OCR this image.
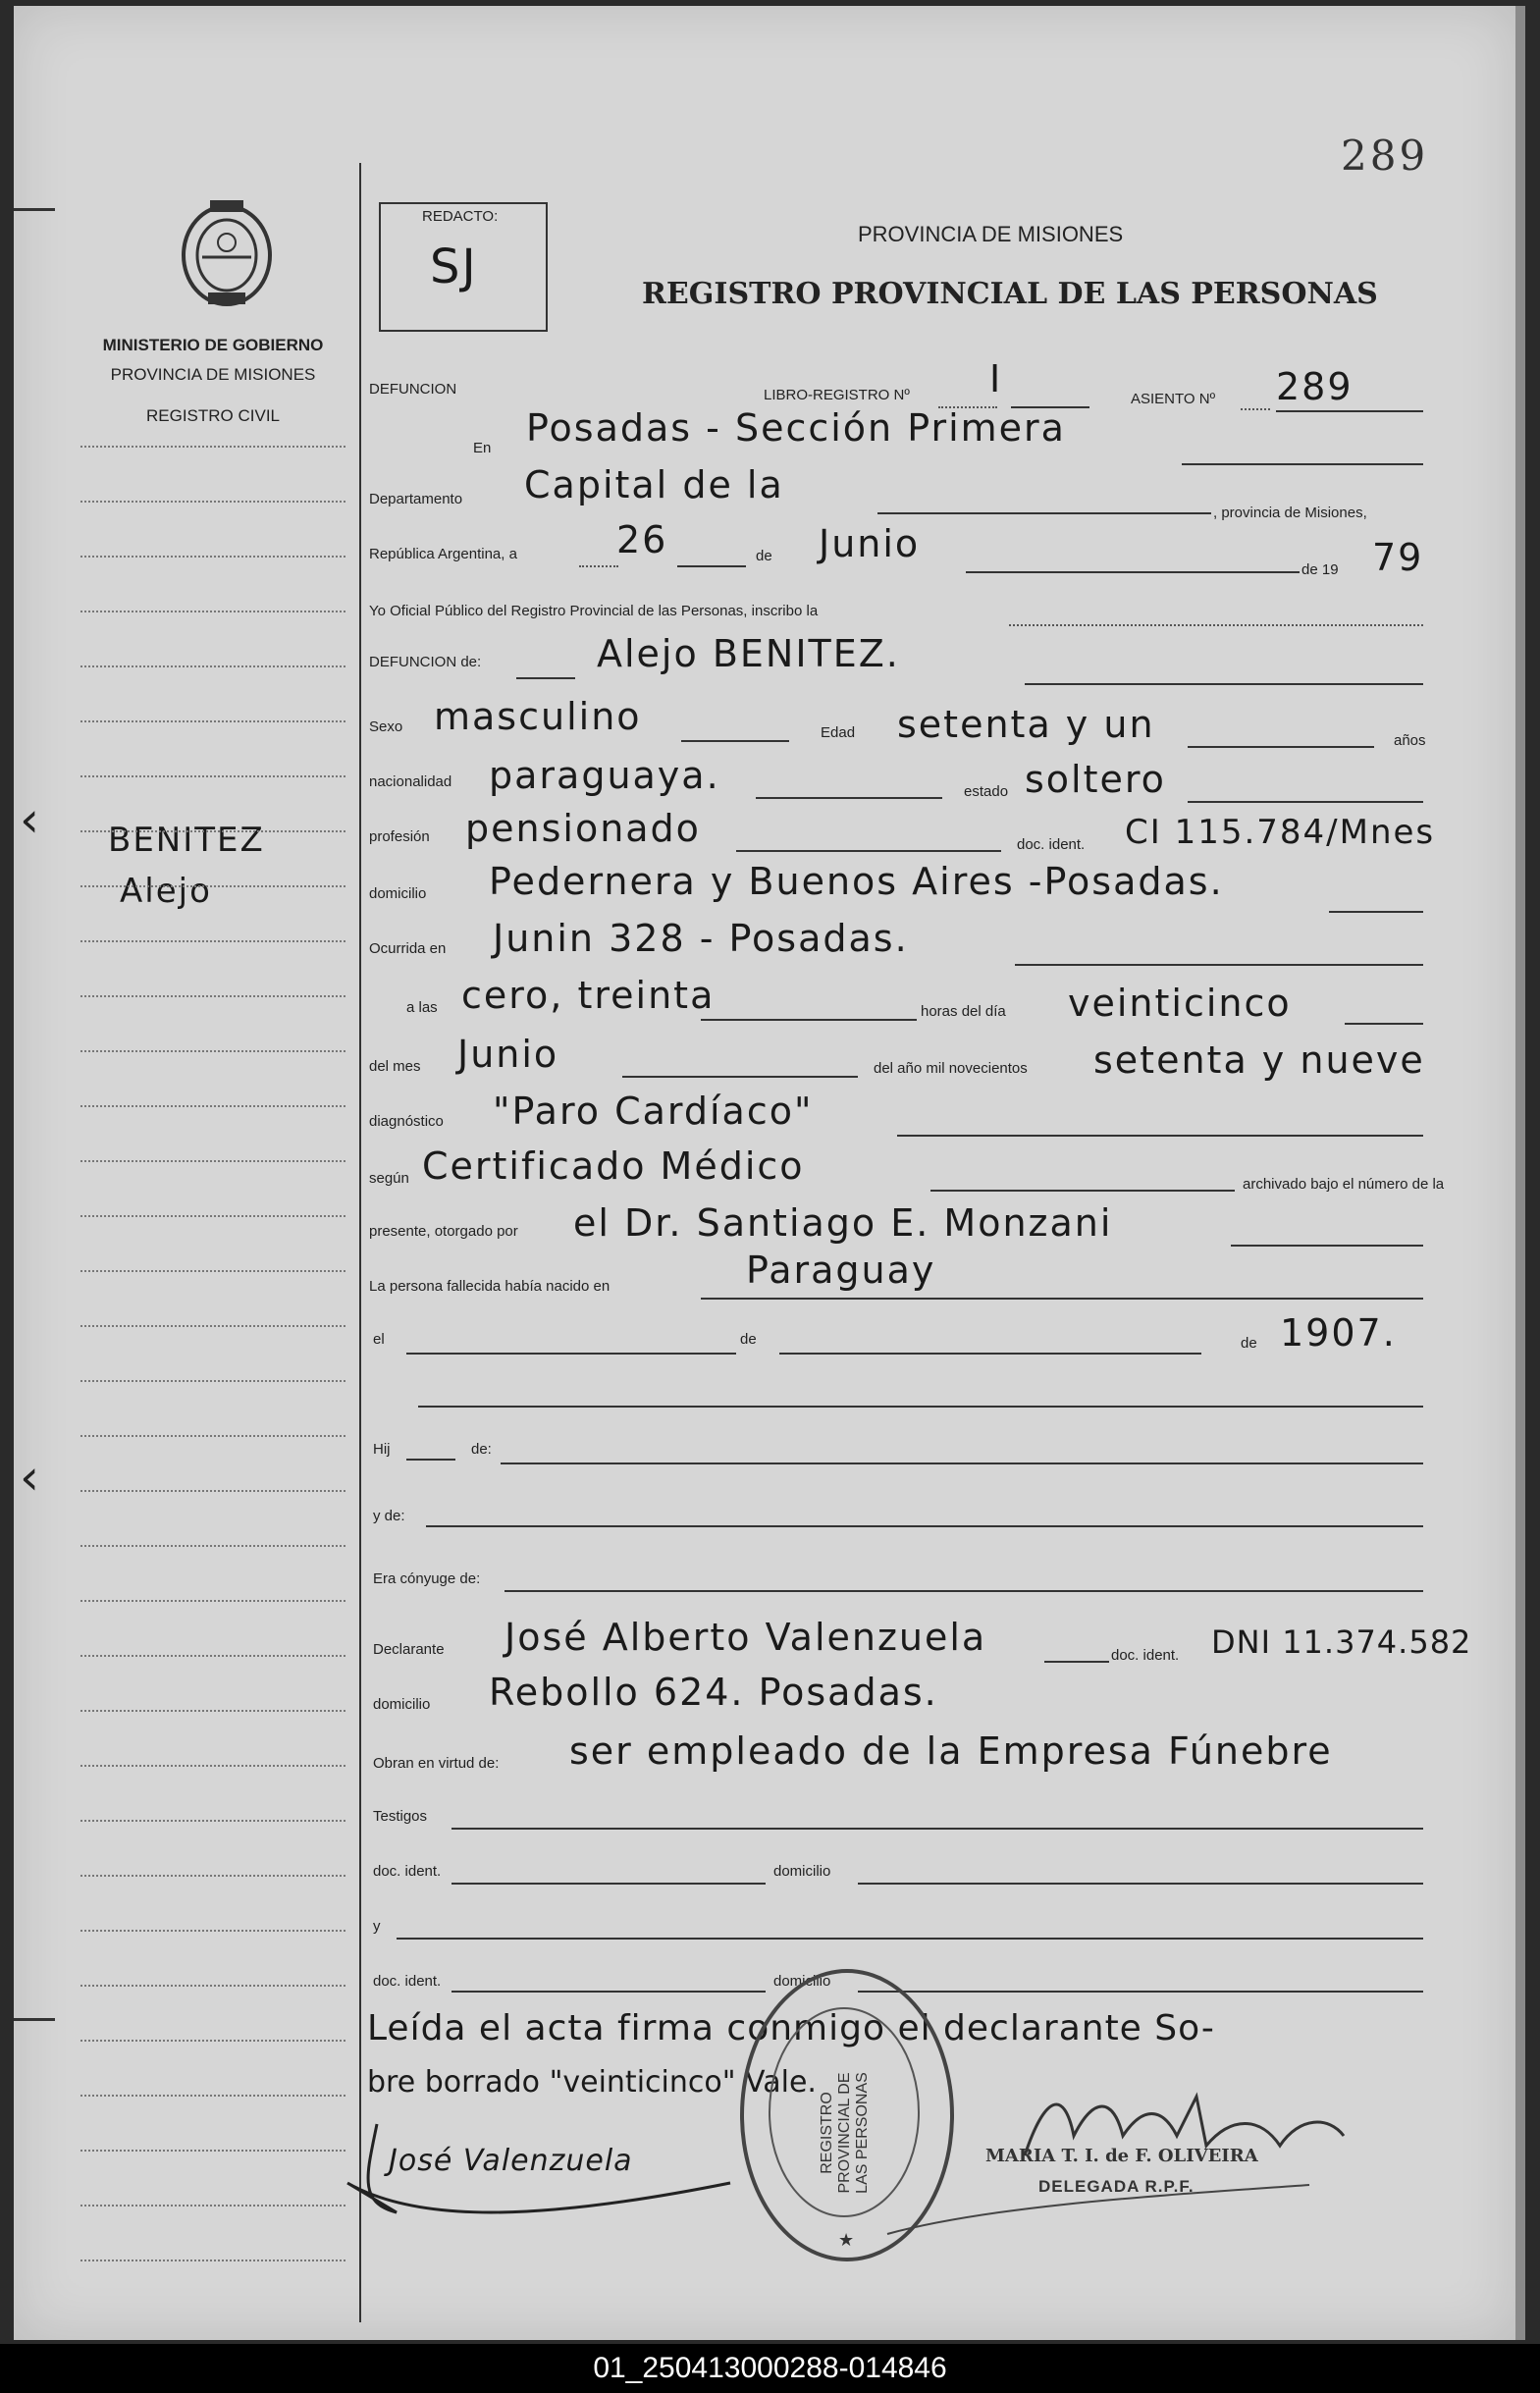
289
‹
‹
MINISTERIO DE GOBIERNO
PROVINCIA DE MISIONES
REGISTRO CIVIL
BENITEZ
Alejo
REDACTO:
SJ
PROVINCIA DE MISIONES
REGISTRO PROVINCIAL DE LAS PERSONAS
DEFUNCION	LIBRO-REGISTRO Nº I	ASIENTO Nº 289
En Posadas - Sección Primera
Departamento Capital de la
, provincia de Misiones,
República Argentina, a	26	de Junio
de 19 79
Yo Oficial Público del Registro Provincial de las Personas, inscribo la
DEFUNCION de:	Alejo BENITEZ.
Sexo masculino	Edad setenta y un	años
nacionalidad paraguaya.	estado soltero
profesión pensionado	doc. ident. CI 115.784/Mnes
domicilio Pedernera y Buenos Aires -Posadas.
Ocurrida en Junin 328 - Posadas.
a las cero, treinta	horas del día veinticinco
del mes Junio	del año mil novecientos setenta y nueve
diagnóstico "Paro Cardíaco"
según Certificado Médico	archivado bajo el número de la
presente, otorgado por el Dr. Santiago E. Monzani
La persona fallecida había nacido en	Paraguay
el	de	de 1907.
Hij	de:
y de:
Era cónyuge de:
Declarante José Alberto Valenzuela	doc. ident. DNI 11.374.582
domicilio Rebollo 624. Posadas.
Obran en virtud de: ser empleado de la Empresa Fúnebre
Testigos
doc. ident.	domicilio
y
doc. ident.	domicilio
Leída el acta firma conmigo el declarante So-
bre borrado "veinticinco" Vale.
REGISTRO PROVINCIAL DE LAS PERSONAS
★
José Valenzuela	MARIA T. I. de F. OLIVEIRA
DELEGADA R.P.F.
01_250413000288-014846
